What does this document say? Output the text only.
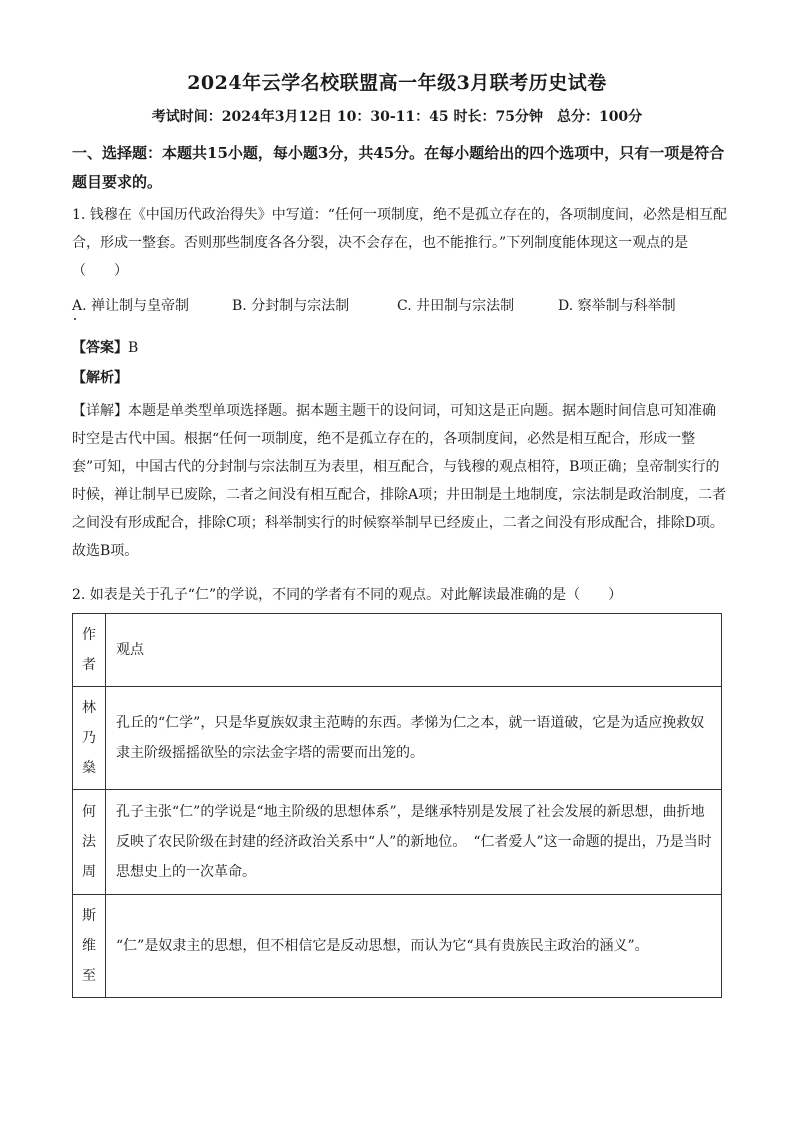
2024年云学名校联盟高一年级3月联考历史试卷
考试时间：2024年3月12日 10：30-11：45 时长：75分钟　总分：100分
一、选择题：本题共15小题，每小题3分，共45分。在每小题给出的四个选项中，只有一项是符合题目要求的。
1. 钱穆在《中国历代政治得失》中写道：“任何一项制度，绝不是孤立存在的，各项制度间，必然是相互配合，形成一整套。否则那些制度各各分裂，决不会存在，也不能推行。”下列制度能体现这一观点的是（　　）
A. 禅让制与皇帝制	B. 分封制与宗法制	C. 井田制与宗法制	D. 察举制与科举制
【答案】B
【解析】
【详解】本题是单类型单项选择题。据本题主题干的设问词，可知这是正向题。据本题时间信息可知准确时空是古代中国。根据“任何一项制度，绝不是孤立存在的，各项制度间，必然是相互配合，形成一整套”可知，中国古代的分封制与宗法制互为表里，相互配合，与钱穆的观点相符，B项正确；皇帝制实行的时候，禅让制早已废除，二者之间没有相互配合，排除A项；井田制是土地制度，宗法制是政治制度，二者之间没有形成配合，排除C项；科举制实行的时候察举制早已经废止，二者之间没有形成配合，排除D项。故选B项。
2. 如表是关于孔子“仁”的学说，不同的学者有不同的观点。对此解读最准确的是（　　）
作
者	观点

林
乃
燊	孔丘的“仁学”，只是华夏族奴隶主范畴的东西。孝悌为仁之本，就一语道破，它是为适应挽救奴隶主阶级摇摇欲坠的宗法金字塔的需要而出笼的。

何
法
周	孔子主张“仁”的学说是“地主阶级的思想体系”，是继承特别是发展了社会发展的新思想，曲折地反映了农民阶级在封建的经济政治关系中“人”的新地位。　“仁者爱人”这一命题的提出，乃是当时思想史上的一次革命。

斯
维
至	“仁”是奴隶主的思想，但不相信它是反动思想，而认为它“具有贵族民主政治的涵义”。
